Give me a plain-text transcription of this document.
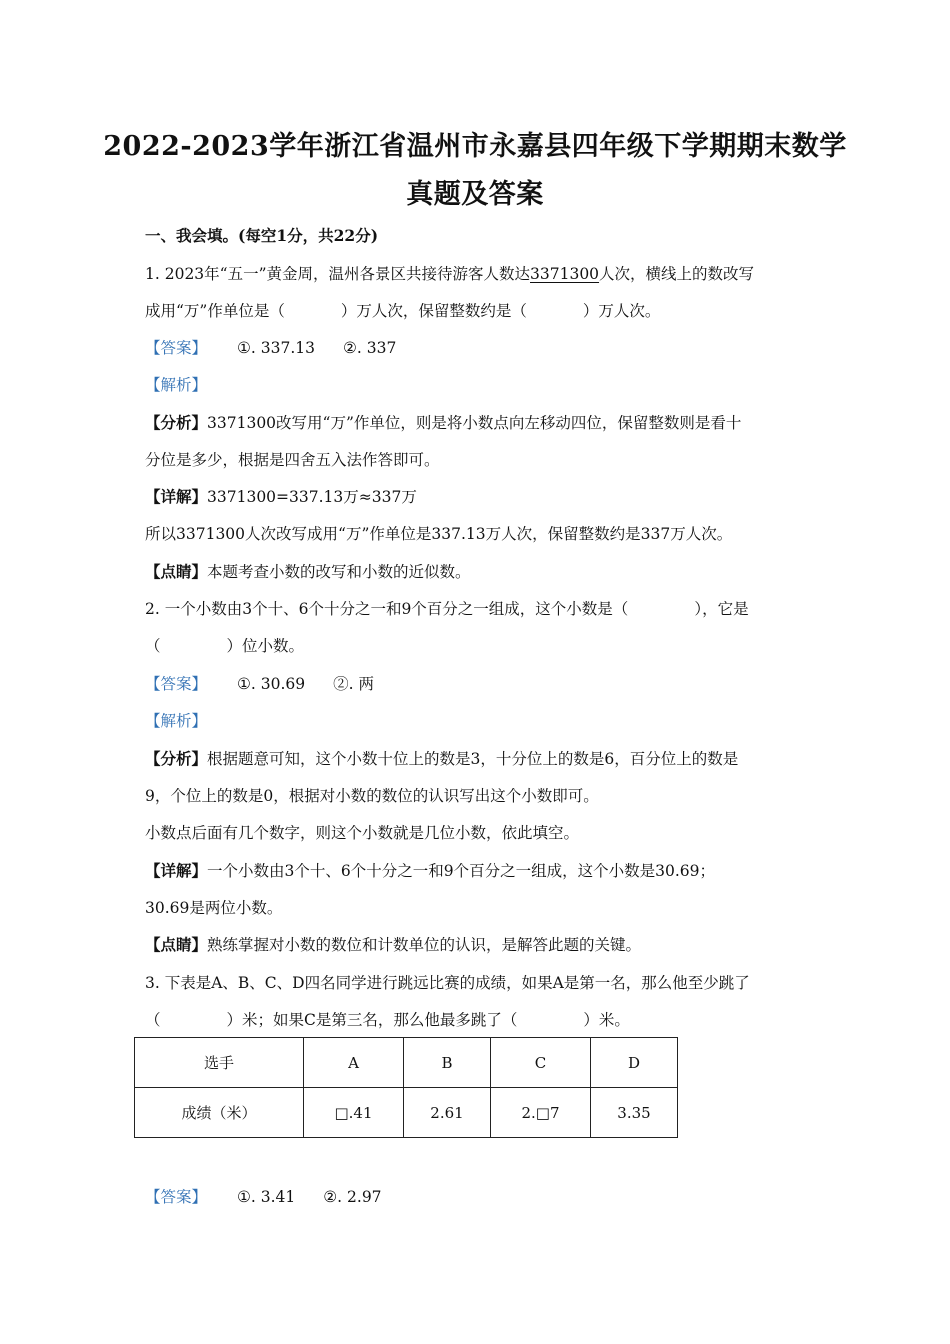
2022-2023学年浙江省温州市永嘉县四年级下学期期末数学
真题及答案
一、我会填。(每空1分，共22分)
1. 2023年“五一”黄金周，温州各景区共接待游客人数达3371300人次，横线上的数改写
成用“万”作单位是（	）万人次，保留整数约是（	）万人次。
【答案】 ①. 337.13 ②. 337
【解析】
【分析】3371300改写用“万”作单位，则是将小数点向左移动四位，保留整数则是看十
分位是多少，根据是四舍五入法作答即可。
【详解】3371300=337.13万≈337万
所以3371300人次改写成用“万”作单位是337.13万人次，保留整数约是337万人次。
【点睛】本题考查小数的改写和小数的近似数。
2. 一个小数由3个十、6个十分之一和9个百分之一组成，这个小数是（	），它是
（	）位小数。
【答案】 ①. 30.69 ②. 两
【解析】
【分析】根据题意可知，这个小数十位上的数是3，十分位上的数是6，百分位上的数是
9，个位上的数是0，根据对小数的数位的认识写出这个小数即可。
小数点后面有几个数字，则这个小数就是几位小数，依此填空。
【详解】一个小数由3个十、6个十分之一和9个百分之一组成，这个小数是30.69；
30.69是两位小数。
【点睛】熟练掌握对小数的数位和计数单位的认识，是解答此题的关键。
3. 下表是A、B、C、D四名同学进行跳远比赛的成绩，如果A是第一名，那么他至少跳了
（	）米；如果C是第三名，那么他最多跳了（	）米。
选手	A	B	C	D
成绩（米）	□.41	2.61	2.□7	3.35
【答案】 ①. 3.41 ②. 2.97
